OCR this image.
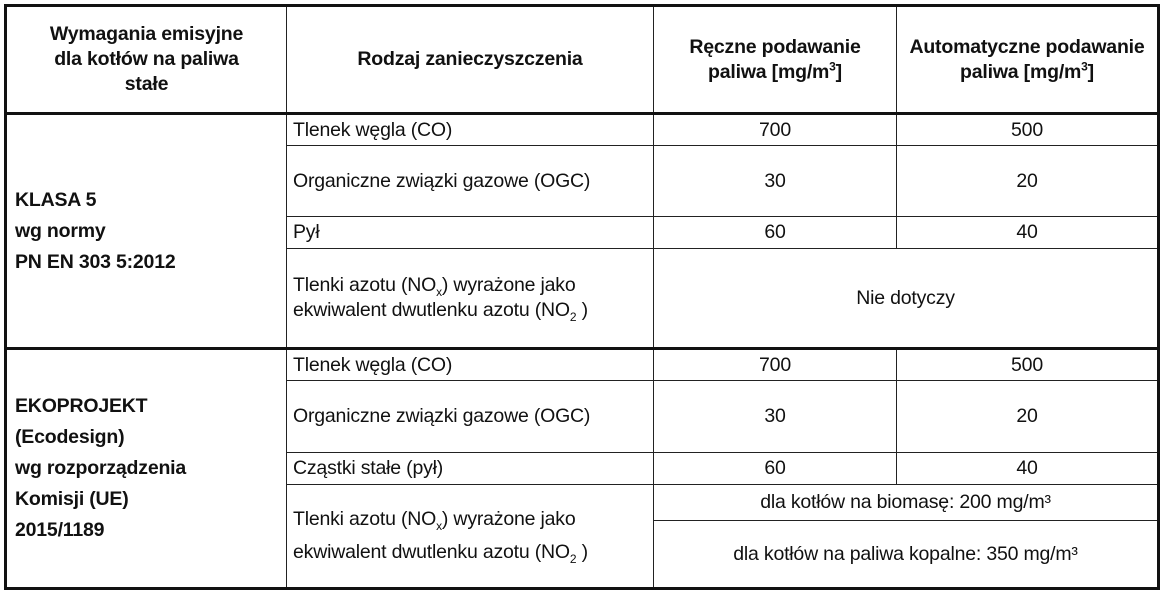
Wymagania emisyjne
dla kotłów na paliwa
stałe	Rodzaj zanieczyszczenia	Ręczne podawanie paliwa $[mg/m^3]$	Automatyczne podawanie paliwa $[mg/m^3]$
KLASA 5
wg normy
PN EN 303 5:2012	Tlenek węgla (CO)	700	500
	Organiczne związki gazowe (OGC)	30	20
	Pył	60	40
	Tlenki azotu $(NO_x)$ wyrażone jako ekwiwalent dwutlenku azotu ($NO_2$ )	Nie dotyczy	
EKOPROJEKT
(Ecodesign)
wg rozporządzenia
Komisji (UE)
2015/1189	Tlenek węgla (CO)	700	500
	Organiczne związki gazowe (OGC)	30	20
	Cząstki stałe (pył)	60	40
	Tlenki azotu $(NO_x)$ wyrażone jako ekwiwalent dwutlenku azotu ($NO_2$ )	dla kotłów na biomasę: 200 mg/m³	
		dla kotłów na paliwa kopalne: 350 mg/m³	
